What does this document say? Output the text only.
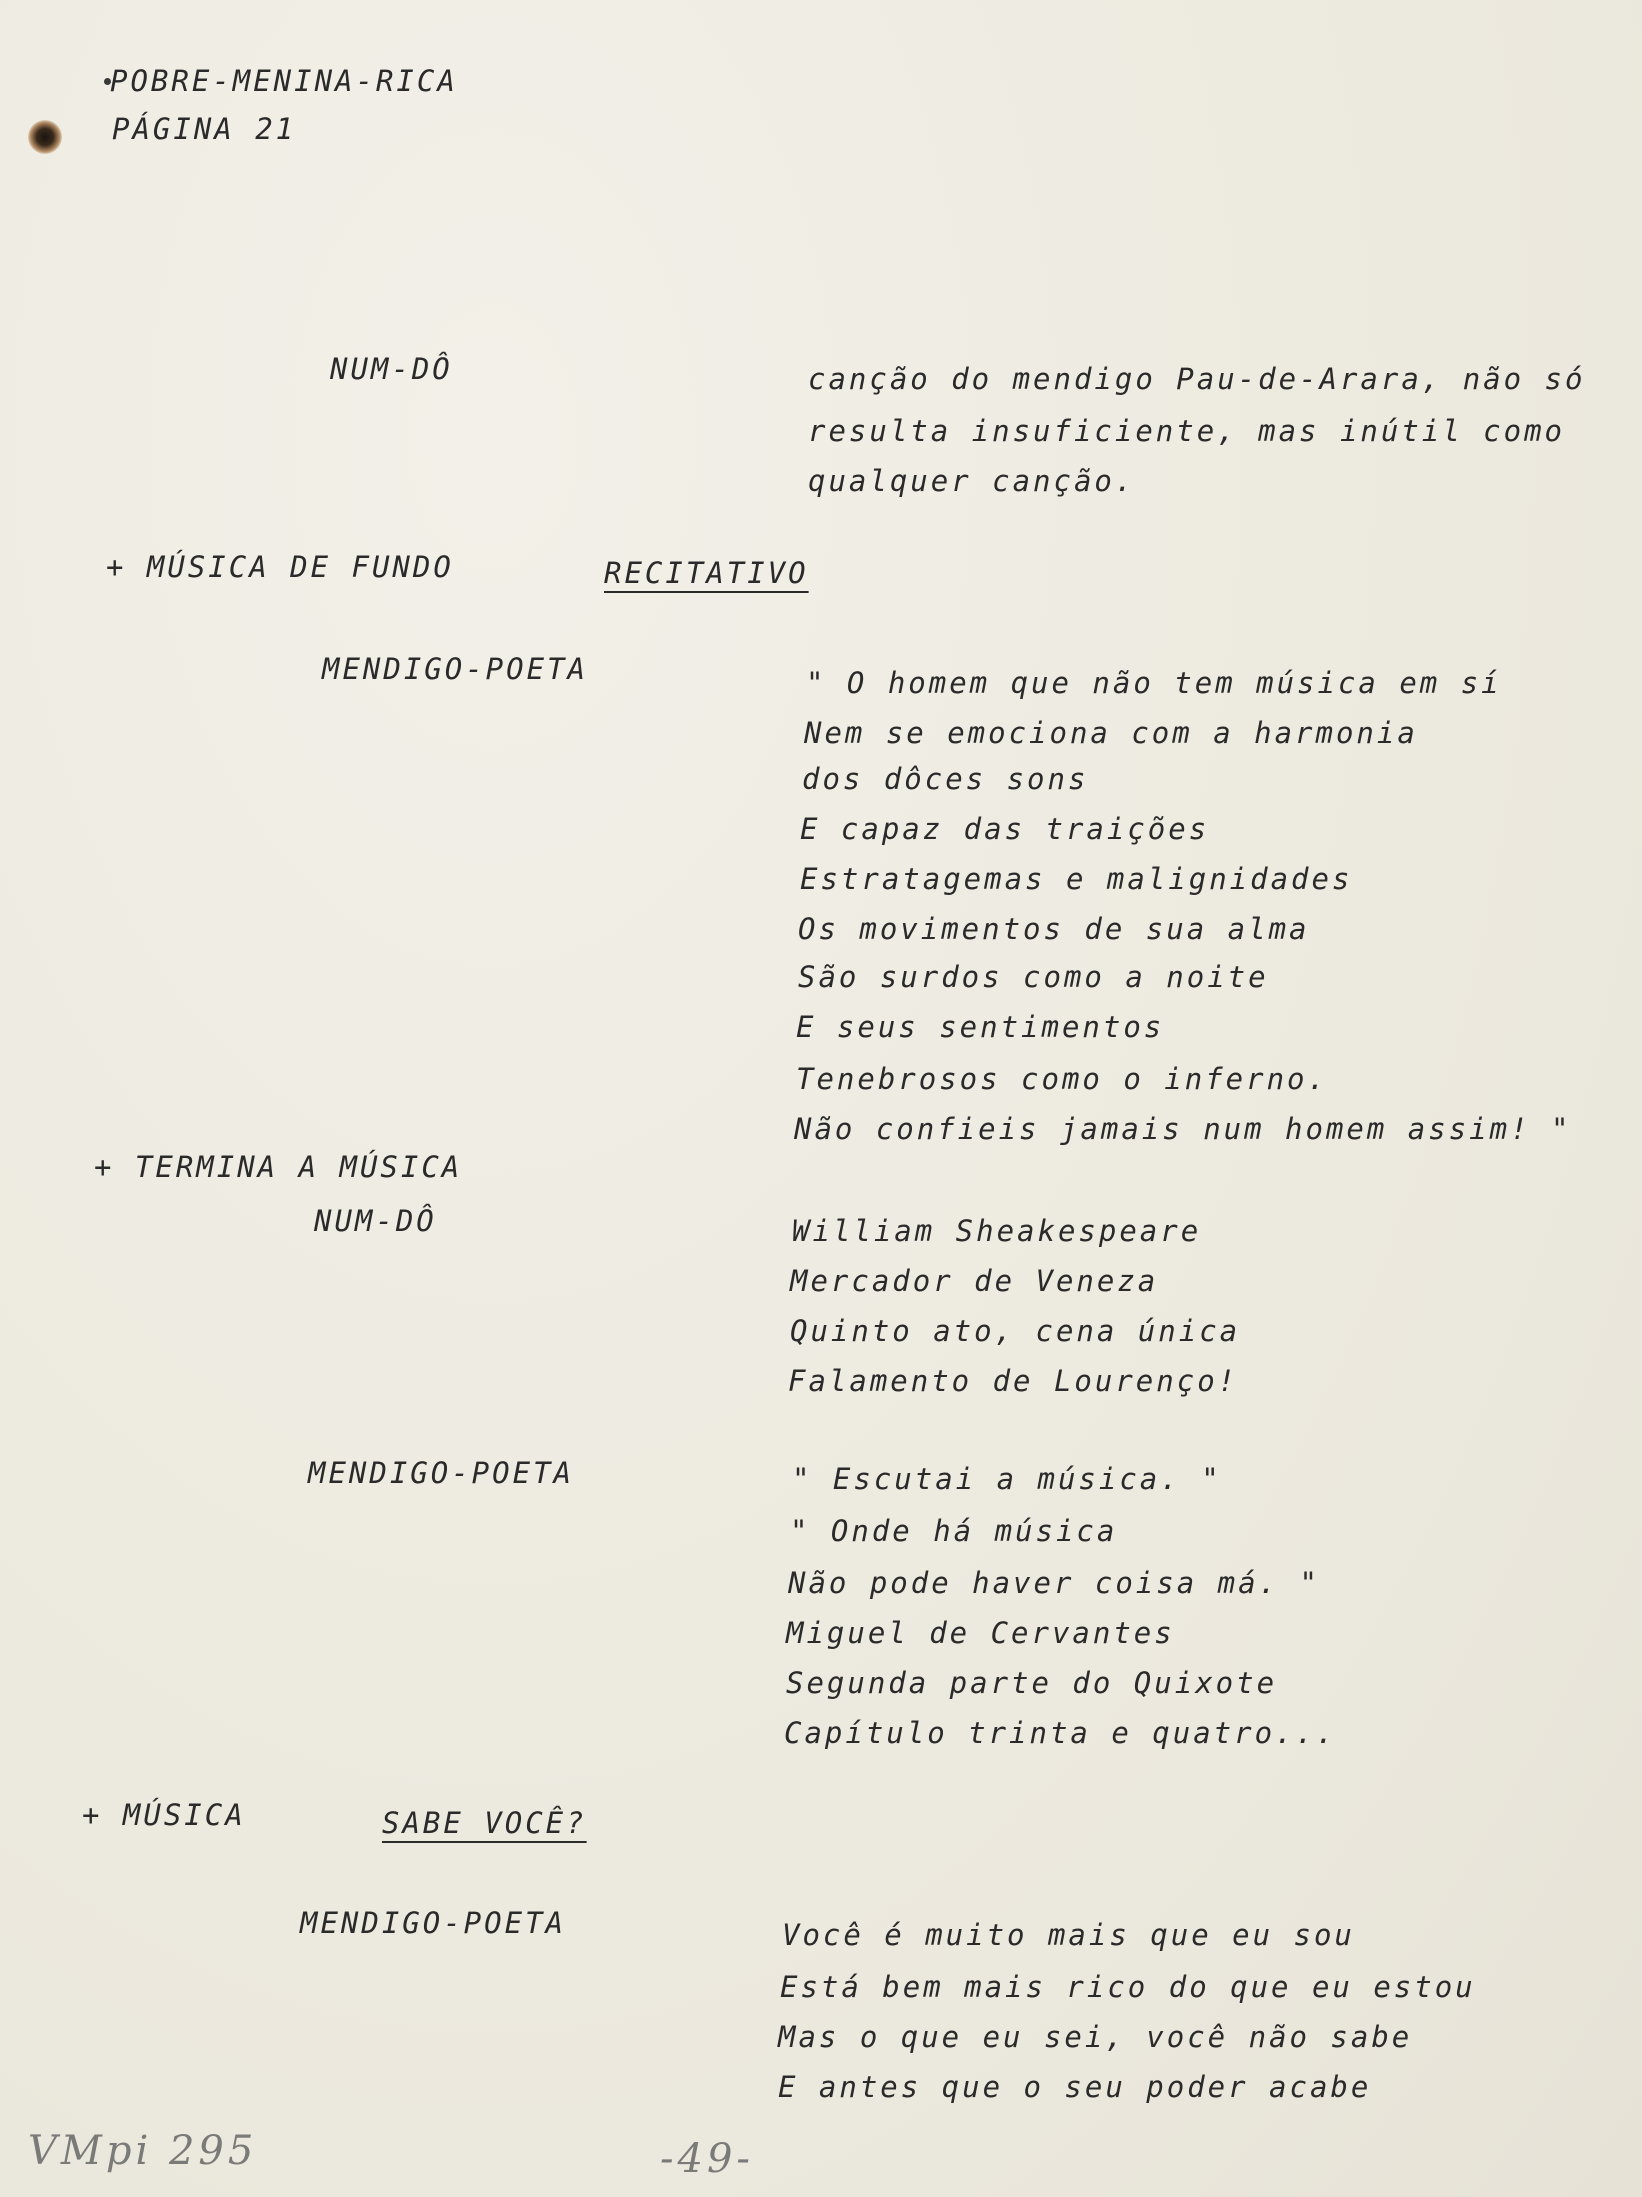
POBRE-MENINA-RICA
PÁGINA 21
NUM-DÔ	canção do mendigo Pau-de-Arara, não só
resulta insuficiente, mas inútil como
qualquer canção.
+ MÚSICA DE FUNDO	RECITATIVO
MENDIGO-POETA	" O homem que não tem música em sí
Nem se emociona com a harmonia
dos dôces sons
E capaz das traições
Estratagemas e malignidades
Os movimentos de sua alma
São surdos como a noite
E seus sentimentos
Tenebrosos como o inferno.
Não confieis jamais num homem assim! "
+ TERMINA A MÚSICA
NUM-DÔ	William Sheakespeare
Mercador de Veneza
Quinto ato, cena única
Falamento de Lourenço!
MENDIGO-POETA	" Escutai a música. "
" Onde há música
Não pode haver coisa má. "
Miguel de Cervantes
Segunda parte do Quixote
Capítulo trinta e quatro...
+ MÚSICA	SABE VOCÊ?
MENDIGO-POETA	Você é muito mais que eu sou
Está bem mais rico do que eu estou
Mas o que eu sei, você não sabe
E antes que o seu poder acabe
VMpi 295	-49-
